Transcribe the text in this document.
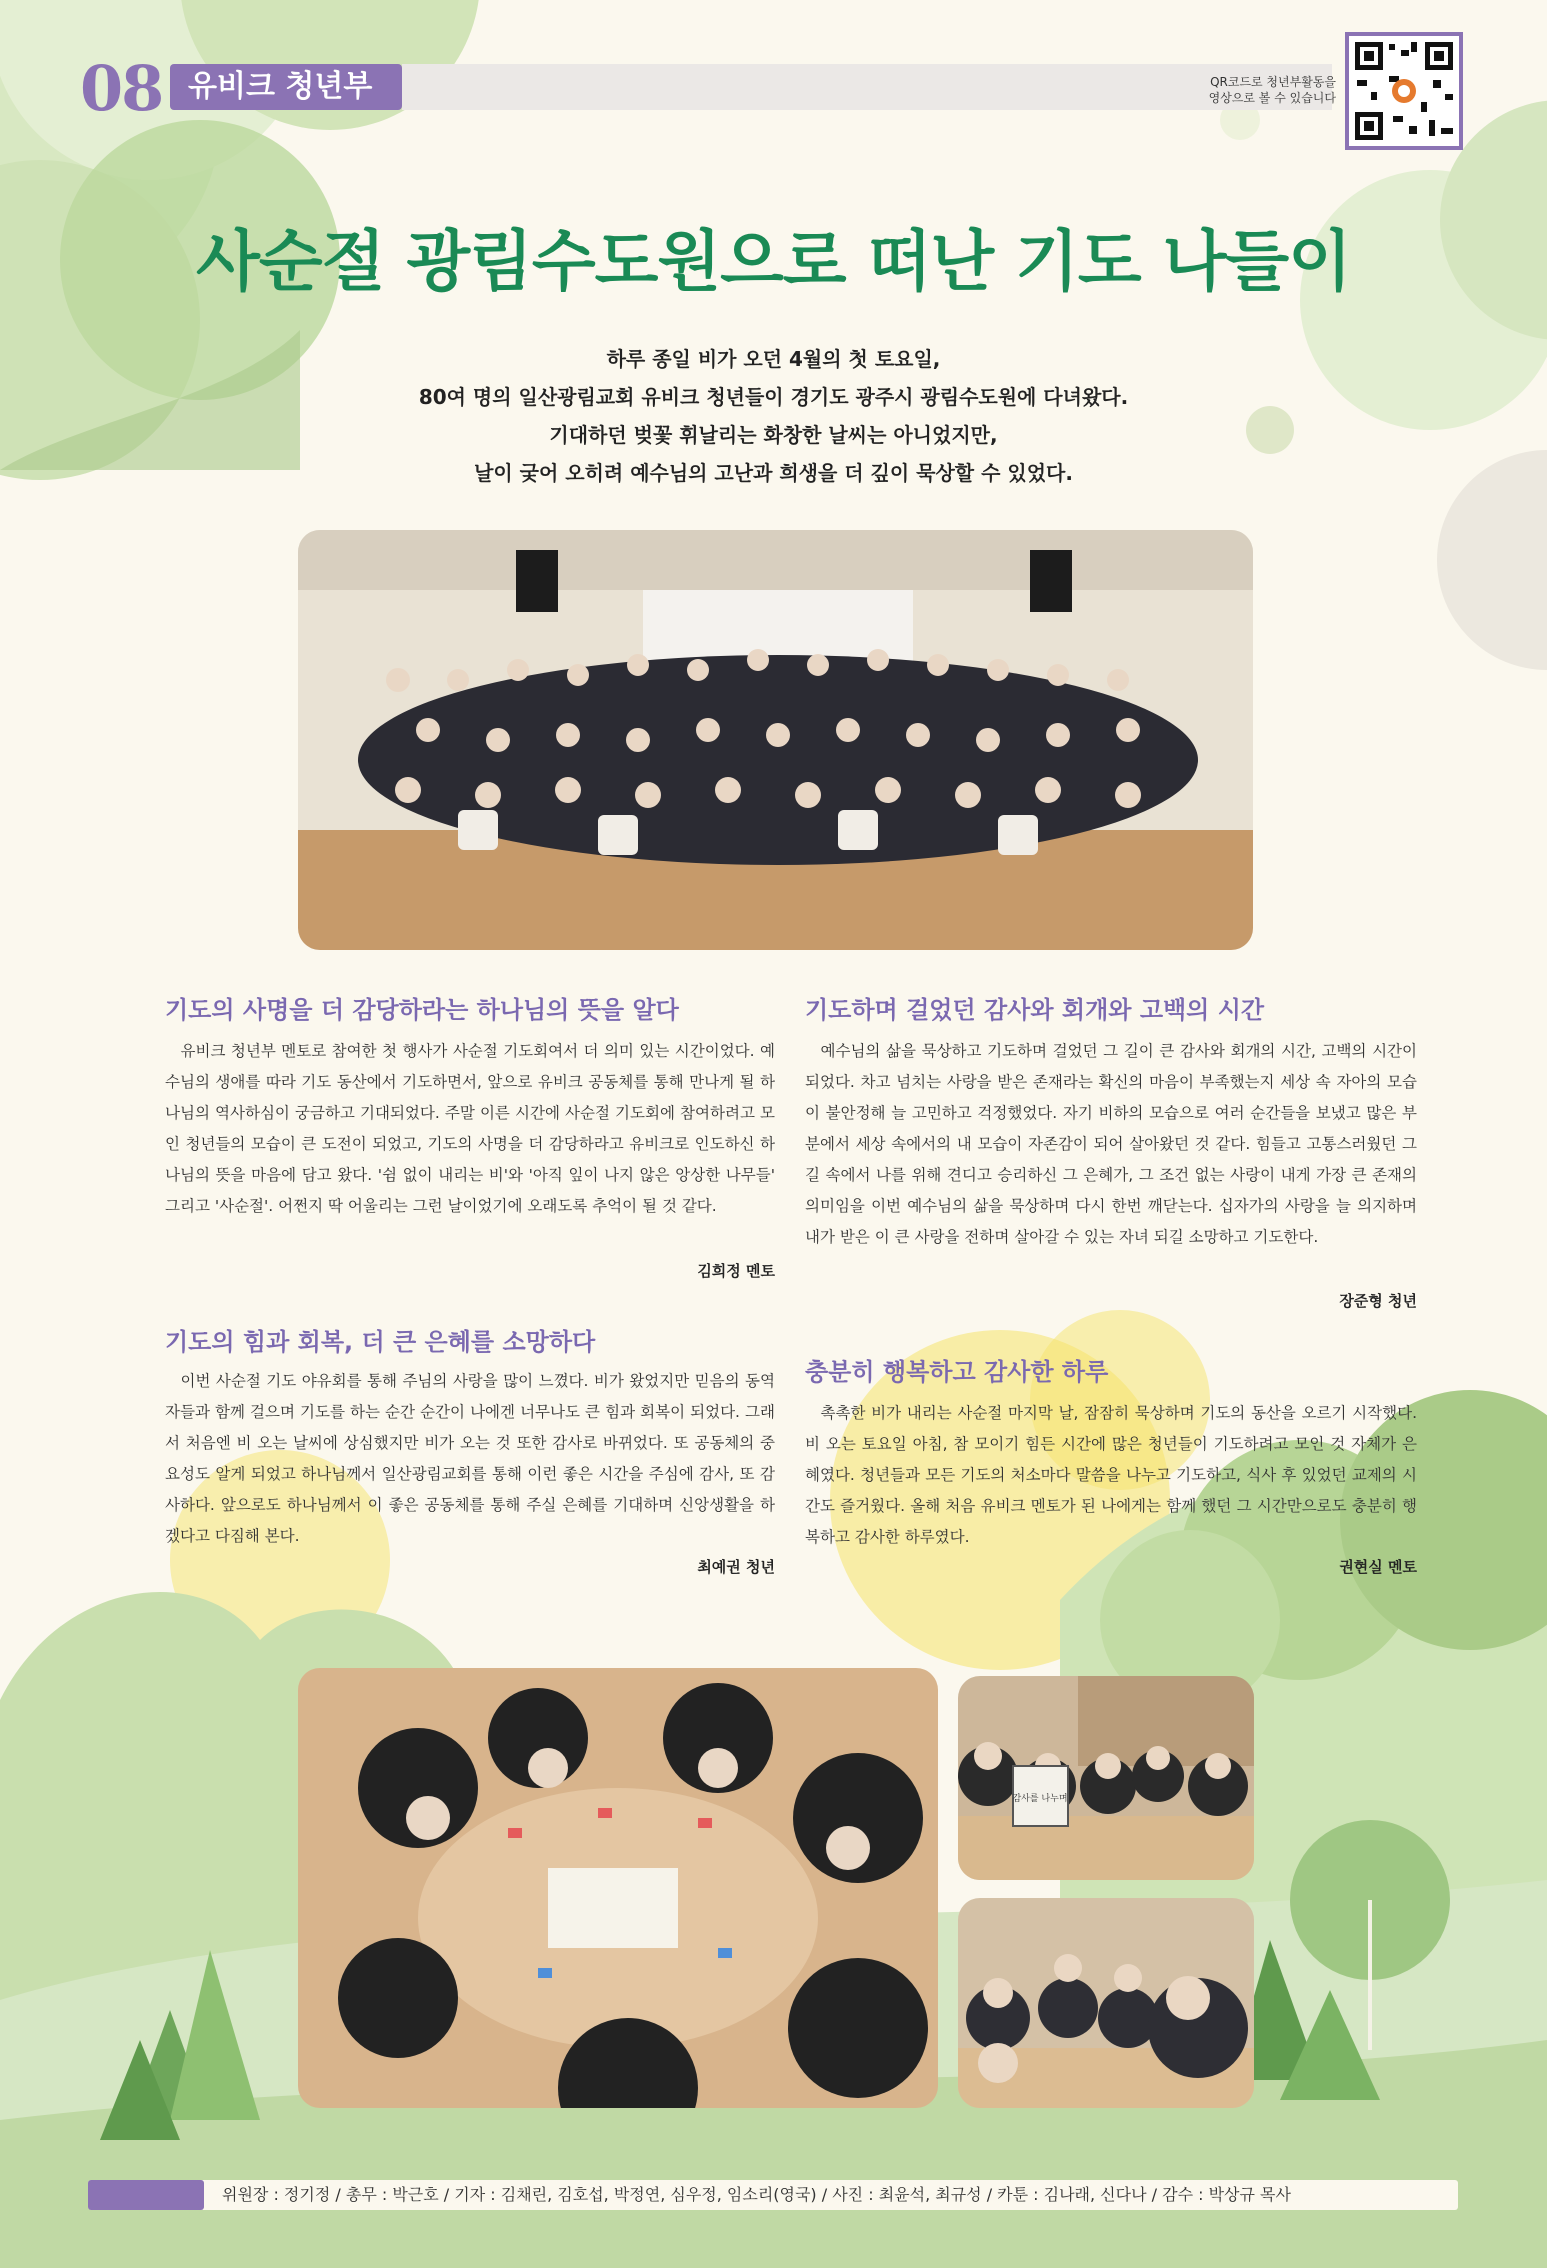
08 유비크 청년부	QR코드로 청년부활동을
영상으로 볼 수 있습니다
사순절 광림수도원으로 떠난 기도 나들이
하루 종일 비가 오던 4월의 첫 토요일,
80여 명의 일산광림교회 유비크 청년들이 경기도 광주시 광림수도원에 다녀왔다.
기대하던 벚꽃 휘날리는 화창한 날씨는 아니었지만,
날이 궂어 오히려 예수님의 고난과 희생을 더 깊이 묵상할 수 있었다.
기도의 사명을 더 감당하라는 하나님의 뜻을 알다
유비크 청년부 멘토로 참여한 첫 행사가 사순절 기도회여서 더 의미 있는 시간이었다. 예수님의 생애를 따라 기도 동산에서 기도하면서, 앞으로 유비크 공동체를 통해 만나게 될 하나님의 역사하심이 궁금하고 기대되었다. 주말 이른 시간에 사순절 기도회에 참여하려고 모인 청년들의 모습이 큰 도전이 되었고, 기도의 사명을 더 감당하라고 유비크로 인도하신 하나님의 뜻을 마음에 담고 왔다. '쉼 없이 내리는 비'와 '아직 잎이 나지 않은 앙상한 나무들' 그리고 '사순절'. 어쩐지 딱 어울리는 그런 날이었기에 오래도록 추억이 될 것 같다.
김희정 멘토
기도하며 걸었던 감사와 회개와 고백의 시간
예수님의 삶을 묵상하고 기도하며 걸었던 그 길이 큰 감사와 회개의 시간, 고백의 시간이 되었다. 차고 넘치는 사랑을 받은 존재라는 확신의 마음이 부족했는지 세상 속 자아의 모습이 불안정해 늘 고민하고 걱정했었다. 자기 비하의 모습으로 여러 순간들을 보냈고 많은 부분에서 세상 속에서의 내 모습이 자존감이 되어 살아왔던 것 같다. 힘들고 고통스러웠던 그 길 속에서 나를 위해 견디고 승리하신 그 은혜가, 그 조건 없는 사랑이 내게 가장 큰 존재의 의미임을 이번 예수님의 삶을 묵상하며 다시 한번 깨닫는다. 십자가의 사랑을 늘 의지하며 내가 받은 이 큰 사랑을 전하며 살아갈 수 있는 자녀 되길 소망하고 기도한다.
장준형 청년
기도의 힘과 회복, 더 큰 은혜를 소망하다
이번 사순절 기도 야유회를 통해 주님의 사랑을 많이 느꼈다. 비가 왔었지만 믿음의 동역자들과 함께 걸으며 기도를 하는 순간 순간이 나에겐 너무나도 큰 힘과 회복이 되었다. 그래서 처음엔 비 오는 날씨에 상심했지만 비가 오는 것 또한 감사로 바뀌었다. 또 공동체의 중요성도 알게 되었고 하나님께서 일산광림교회를 통해 이런 좋은 시간을 주심에 감사, 또 감사하다. 앞으로도 하나님께서 이 좋은 공동체를 통해 주실 은혜를 기대하며 신앙생활을 하겠다고 다짐해 본다.
최예권 청년
충분히 행복하고 감사한 하루
촉촉한 비가 내리는 사순절 마지막 날, 잠잠히 묵상하며 기도의 동산을 오르기 시작했다. 비 오는 토요일 아침, 참 모이기 힘든 시간에 많은 청년들이 기도하려고 모인 것 자체가 은혜였다. 청년들과 모든 기도의 처소마다 말씀을 나누고 기도하고, 식사 후 있었던 교제의 시간도 즐거웠다. 올해 처음 유비크 멘토가 된 나에게는 함께 했던 그 시간만으로도 충분히 행복하고 감사한 하루였다.
권현실 멘토
감사를 나누며
위원장 : 정기정 / 총무 : 박근호 / 기자 : 김채린, 김호섭, 박정연, 심우정, 임소리(영국) / 사진 : 최윤석, 최규성 / 카툰 : 김나래, 신다나 / 감수 : 박상규 목사
